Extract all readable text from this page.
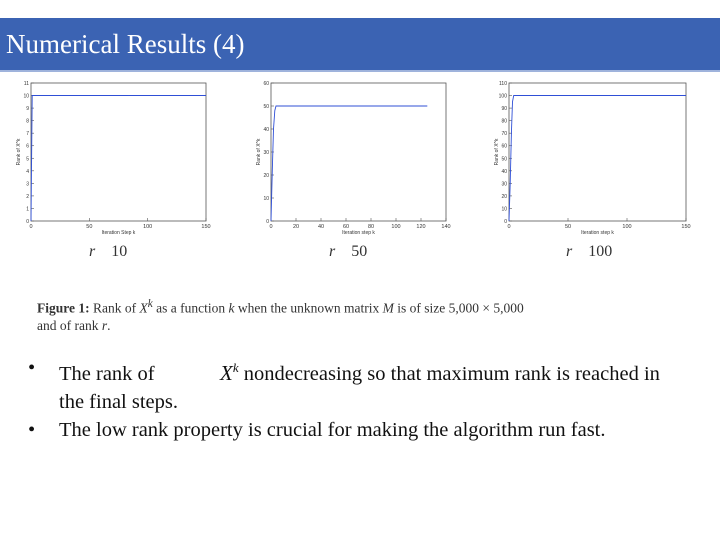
Numerical Results (4)
0	50	100	150
0
1
2
3
4
5
6
7
8
9
10
11
Iteration Step k
Rank of X^k
0	20	40	60	80	100	120	140
0
10
20
30
40
50
60
Iteration step k
Rank of X^k
0	50	100	150
0
10
20
30
40
50
60
70
80
90
100
110
Iteration step k
Rank of X^k
r 10	r 50	r 100
Figure 1: Rank of $X^k$ as a function k when the unknown matrix M is of size 5,000 × 5,000
and of rank r.
• The rank of	$X^k$ nondecreasing so that maximum rank is reached in the final steps.
• The low rank property is crucial for making the algorithm run fast.
